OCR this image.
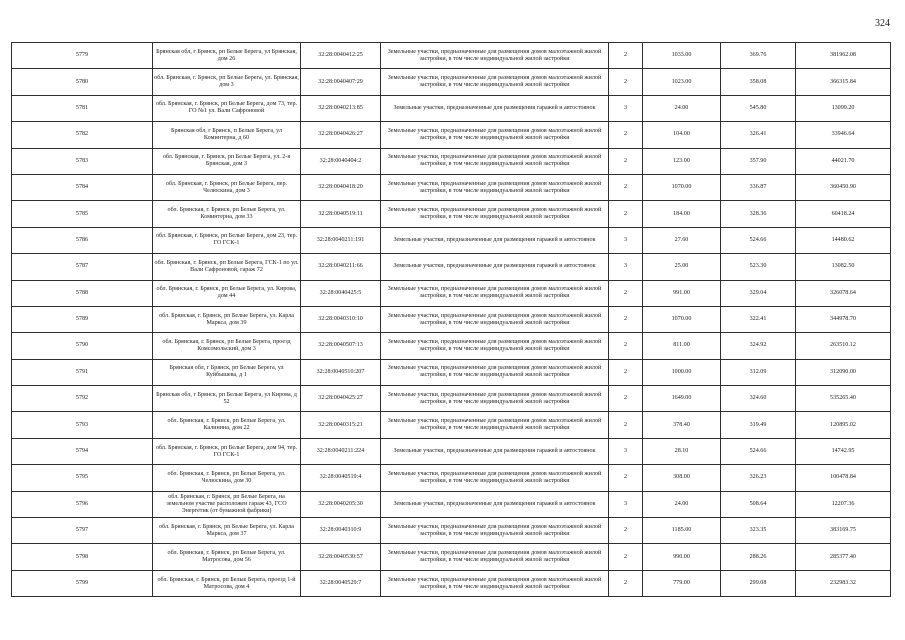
324
5779	Брянская обл, г Брянск, рп Белые Берега, ул Брянская, дом 26	32:28:0040412:25	Земельные участки, предназначенные для размещения домов малоэтажной жилой застройки, в том числе индивидуальной жилой застройки	2	1033.00	369.76	381962.08
5780	обл. Брянская, г. Брянск, рп Белые Берега, ул. Брянская, дом 3	32:28:0040407:29	Земельные участки, предназначенные для размещения домов малоэтажной жилой застройки, в том числе индивидуальной жилой застройки	2	1023.00	358.08	366315.84
5781	обл. Брянская, г. Брянск, рп Белые Берега, дом 73, тер. ГО №1 ул. Вали Сафроновой	32:28:0040213:85	Земельные участки, предназначенные для размещения гаражей и автостоянок	3	24.00	545.80	13099.20
5782	Брянская обл, г Брянск, п Белые Берега, ул Коминтерна, д 60	32:28:0040426:27	Земельные участки, предназначенные для размещения домов малоэтажной жилой застройки, в том числе индивидуальной жилой застройки	2	104.00	326.41	33946.64
5783	обл. Брянская, г. Брянск, рп Белые Берега, ул. 2-я Брянская, дом 3	32:28:0040404:2	Земельные участки, предназначенные для размещения домов малоэтажной жилой застройки, в том числе индивидуальной жилой застройки	2	123.00	357.90	44021.70
5784	обл. Брянская, г. Брянск, рп Белые Берега, пер. Челюскина, дом 3	32:28:0040418:20	Земельные участки, предназначенные для размещения домов малоэтажной жилой застройки, в том числе индивидуальной жилой застройки	2	1070.00	336.87	360450.90
5785	обл. Брянская, г. Брянск, рп Белые Берега, ул. Коминтерна, дом 33	32:28:0040519:11	Земельные участки, предназначенные для размещения домов малоэтажной жилой застройки, в том числе индивидуальной жилой застройки	2	184.00	328.36	60418.24
5786	обл. Брянская, г. Брянск, рп Белые Берега, дом 23, тер. ГО ГСК-1	32:28:0040211:191	Земельные участки, предназначенные для размещения гаражей и автостоянок	3	27.60	524.66	14480.62
5787	обл. Брянская, г. Брянск, рп Белые Берега, ГСК-1 по ул. Вали Сафроновой, гараж 72	32:28:0040211:66	Земельные участки, предназначенные для размещения гаражей и автостоянок	3	25.00	523.30	13082.50
5788	обл. Брянская, г. Брянск, рп Белые Берега, ул. Кирова, дом 44	32:28:0040425:5	Земельные участки, предназначенные для размещения домов малоэтажной жилой застройки, в том числе индивидуальной жилой застройки	2	991.00	329.04	326078.64
5789	обл. Брянская, г. Брянск, рп Белые Берега, ул. Карла Маркса, дом 39	32:28:0040310:10	Земельные участки, предназначенные для размещения домов малоэтажной жилой застройки, в том числе индивидуальной жилой застройки	2	1070.00	322.41	344978.70
5790	обл. Брянская, г. Брянск, рп Белые Берега, проезд Комсомольский, дом 3	32:28:0040507:13	Земельные участки, предназначенные для размещения домов малоэтажной жилой застройки, в том числе индивидуальной жилой застройки	2	811.00	324.92	263510.12
5791	Брянская обл, г Брянск, рп Белые Берега, ул Куйбышева, д 1	32:28:0040510:207	Земельные участки, предназначенные для размещения домов малоэтажной жилой застройки, в том числе индивидуальной жилой застройки	2	1000.00	312.09	312090.00
5792	Брянская обл, г Брянск, рп Белые Берега, ул Кирова, д 52	32:28:0040425:27	Земельные участки, предназначенные для размещения домов малоэтажной жилой застройки, в том числе индивидуальной жилой застройки	2	1649.00	324.60	535265.40
5793	обл. Брянская, г. Брянск, рп Белые Берега, ул. Калинина, дом 22	32:28:0040315:21	Земельные участки, предназначенные для размещения домов малоэтажной жилой застройки, в том числе индивидуальной жилой застройки	2	378.40	319.49	120895.02
5794	обл. Брянская, г. Брянск, рп Белые Берега, дом 94, тер. ГО ГСК-1	32:28:0040211:224	Земельные участки, предназначенные для размещения гаражей и автостоянок	3	28.10	524.66	14742.95
5795	обл. Брянская, г. Брянск, рп Белые Берега, ул. Челюскина, дом 30	32:28:0040519:4	Земельные участки, предназначенные для размещения домов малоэтажной жилой застройки, в том числе индивидуальной жилой застройки	2	308.00	326.23	100478.84
5796	обл. Брянская, г. Брянск, рп Белые Берега, на земельном участке расположен гараж 43, ГСО Энергетик (от бумажной фабрики)	32:28:0040205:30	Земельные участки, предназначенные для размещения гаражей и автостоянок	3	24.00	508.64	12207.36
5797	обл. Брянская, г. Брянск, рп Белые Берега, ул. Карла Маркса, дом 37	32:28:0040310:9	Земельные участки, предназначенные для размещения домов малоэтажной жилой застройки, в том числе индивидуальной жилой застройки	2	1185.00	323.35	383169.75
5798	обл. Брянская, г. Брянск, рп Белые Берега, ул. Матросова, дом 56	32:28:0040530:57	Земельные участки, предназначенные для размещения домов малоэтажной жилой застройки, в том числе индивидуальной жилой застройки	2	990.00	288.26	285377.40
5799	обл. Брянская, г. Брянск, рп Белые Берега, проезд 1-й Матросова, дом 4	32:28:0040529:7	Земельные участки, предназначенные для размещения домов малоэтажной жилой застройки, в том числе индивидуальной жилой застройки	2	779.00	299.08	232983.32
